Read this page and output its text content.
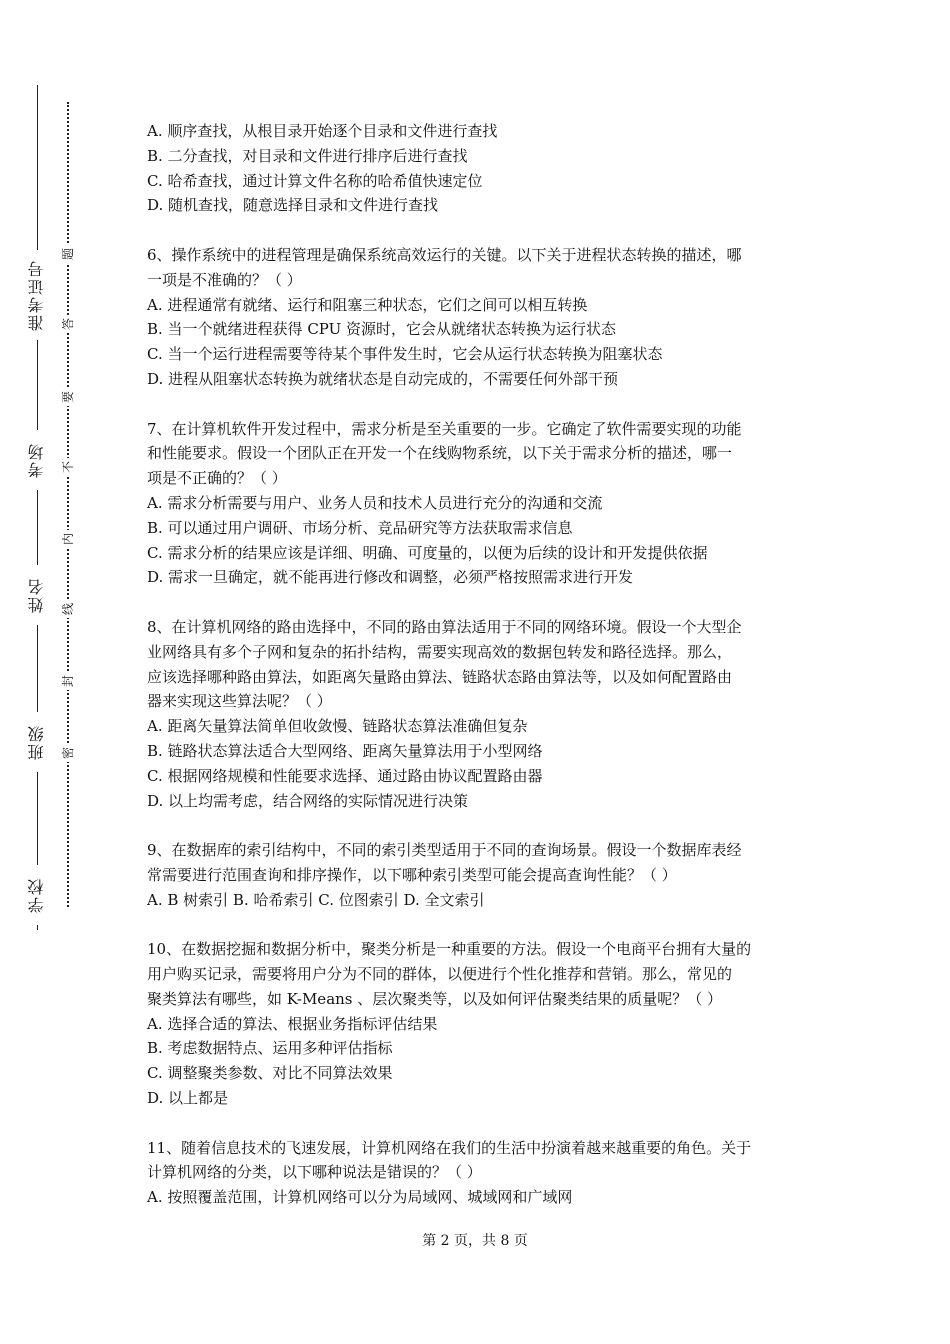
准考证号
考场
姓名
班级
学校
题
答
要
不
内
线
封
密
A. 顺序查找，从根目录开始逐个目录和文件进行查找
B. 二分查找，对目录和文件进行排序后进行查找
C. 哈希查找，通过计算文件名称的哈希值快速定位
D. 随机查找，随意选择目录和文件进行查找
6、操作系统中的进程管理是确保系统高效运行的关键。以下关于进程状态转换的描述，哪
一项是不准确的？（ ）
A. 进程通常有就绪、运行和阻塞三种状态，它们之间可以相互转换
B. 当一个就绪进程获得 CPU 资源时，它会从就绪状态转换为运行状态
C. 当一个运行进程需要等待某个事件发生时，它会从运行状态转换为阻塞状态
D. 进程从阻塞状态转换为就绪状态是自动完成的，不需要任何外部干预
7、在计算机软件开发过程中，需求分析是至关重要的一步。它确定了软件需要实现的功能
和性能要求。假设一个团队正在开发一个在线购物系统，以下关于需求分析的描述，哪一
项是不正确的？（ ）
A. 需求分析需要与用户、业务人员和技术人员进行充分的沟通和交流
B. 可以通过用户调研、市场分析、竞品研究等方法获取需求信息
C. 需求分析的结果应该是详细、明确、可度量的，以便为后续的设计和开发提供依据
D. 需求一旦确定，就不能再进行修改和调整，必须严格按照需求进行开发
8、在计算机网络的路由选择中，不同的路由算法适用于不同的网络环境。假设一个大型企
业网络具有多个子网和复杂的拓扑结构，需要实现高效的数据包转发和路径选择。那么，
应该选择哪种路由算法，如距离矢量路由算法、链路状态路由算法等，以及如何配置路由
器来实现这些算法呢？（ ）
A. 距离矢量算法简单但收敛慢、链路状态算法准确但复杂
B. 链路状态算法适合大型网络、距离矢量算法用于小型网络
C. 根据网络规模和性能要求选择、通过路由协议配置路由器
D. 以上均需考虑，结合网络的实际情况进行决策
9、在数据库的索引结构中，不同的索引类型适用于不同的查询场景。假设一个数据库表经
常需要进行范围查询和排序操作，以下哪种索引类型可能会提高查询性能？（ ）
A. B 树索引 B. 哈希索引 C. 位图索引 D. 全文索引
10、在数据挖掘和数据分析中，聚类分析是一种重要的方法。假设一个电商平台拥有大量的
用户购买记录，需要将用户分为不同的群体，以便进行个性化推荐和营销。那么，常见的
聚类算法有哪些，如 K-Means 、层次聚类等，以及如何评估聚类结果的质量呢？（ ）
A. 选择合适的算法、根据业务指标评估结果
B. 考虑数据特点、运用多种评估指标
C. 调整聚类参数、对比不同算法效果
D. 以上都是
11、随着信息技术的飞速发展，计算机网络在我们的生活中扮演着越来越重要的角色。关于
计算机网络的分类，以下哪种说法是错误的？（ ）
A. 按照覆盖范围，计算机网络可以分为局域网、城域网和广域网
第 2 页，共 8 页
